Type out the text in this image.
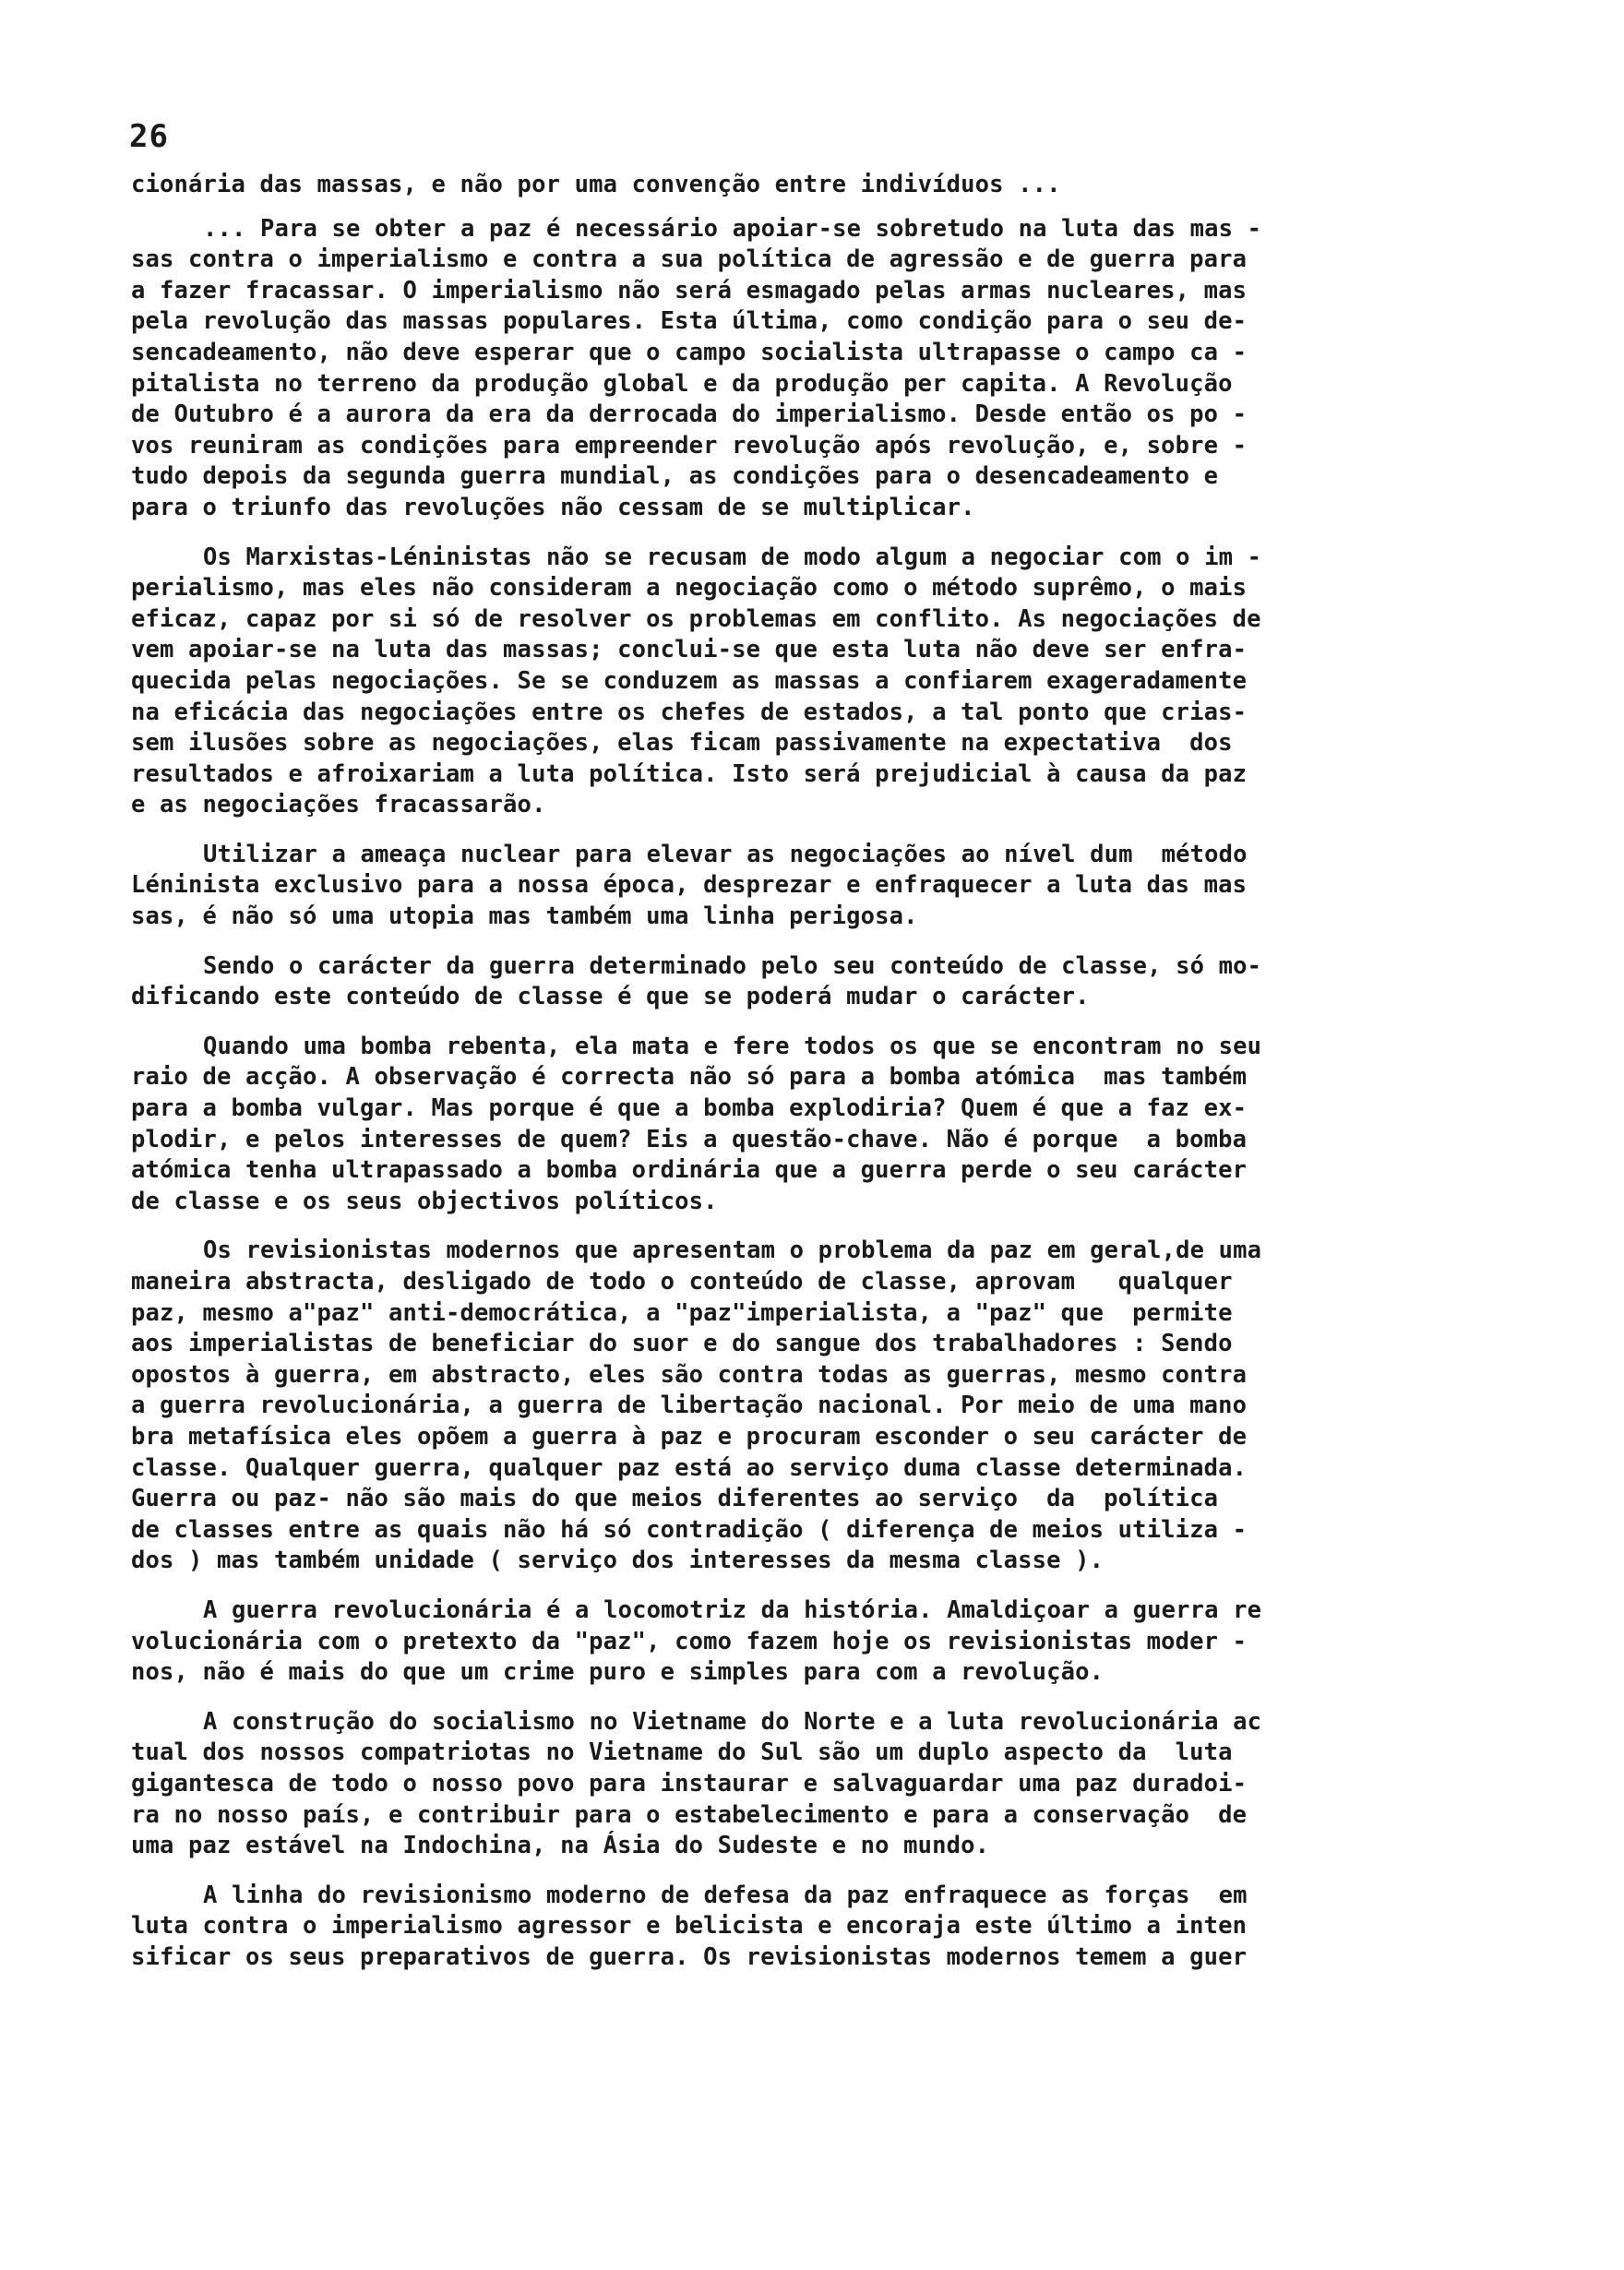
26
cionária das massas, e não por uma convenção entre indivíduos ...
... Para se obter a paz é necessário apoiar-se sobretudo na luta das mas -
sas contra o imperialismo e contra a sua política de agressão e de guerra para
a fazer fracassar. O imperialismo não será esmagado pelas armas nucleares, mas
pela revolução das massas populares. Esta última, como condição para o seu de-
sencadeamento, não deve esperar que o campo socialista ultrapasse o campo ca -
pitalista no terreno da produção global e da produção per capita. A Revolução
de Outubro é a aurora da era da derrocada do imperialismo. Desde então os po -
vos reuniram as condições para empreender revolução após revolução, e, sobre -
tudo depois da segunda guerra mundial, as condições para o desencadeamento e
para o triunfo das revoluções não cessam de se multiplicar.
Os Marxistas-Léninistas não se recusam de modo algum a negociar com o im -
perialismo, mas eles não consideram a negociação como o método suprêmo, o mais
eficaz, capaz por si só de resolver os problemas em conflito. As negociações de
vem apoiar-se na luta das massas; conclui-se que esta luta não deve ser enfra-
quecida pelas negociações. Se se conduzem as massas a confiarem exageradamente
na eficácia das negociações entre os chefes de estados, a tal ponto que crias-
sem ilusões sobre as negociações, elas ficam passivamente na expectativa  dos
resultados e afroixariam a luta política. Isto será prejudicial à causa da paz
e as negociações fracassarão.
Utilizar a ameaça nuclear para elevar as negociações ao nível dum  método
Léninista exclusivo para a nossa época, desprezar e enfraquecer a luta das mas
sas, é não só uma utopia mas também uma linha perigosa.
Sendo o carácter da guerra determinado pelo seu conteúdo de classe, só mo-
dificando este conteúdo de classe é que se poderá mudar o carácter.
Quando uma bomba rebenta, ela mata e fere todos os que se encontram no seu
raio de acção. A observação é correcta não só para a bomba atómica  mas também
para a bomba vulgar. Mas porque é que a bomba explodiria? Quem é que a faz ex-
plodir, e pelos interesses de quem? Eis a questão-chave. Não é porque  a bomba
atómica tenha ultrapassado a bomba ordinária que a guerra perde o seu carácter
de classe e os seus objectivos políticos.
Os revisionistas modernos que apresentam o problema da paz em geral,de uma
maneira abstracta, desligado de todo o conteúdo de classe, aprovam   qualquer
paz, mesmo a"paz" anti-democrática, a "paz"imperialista, a "paz" que  permite
aos imperialistas de beneficiar do suor e do sangue dos trabalhadores : Sendo
opostos à guerra, em abstracto, eles são contra todas as guerras, mesmo contra
a guerra revolucionária, a guerra de libertação nacional. Por meio de uma mano
bra metafísica eles opõem a guerra à paz e procuram esconder o seu carácter de
classe. Qualquer guerra, qualquer paz está ao serviço duma classe determinada.
Guerra ou paz- não são mais do que meios diferentes ao serviço  da  política
de classes entre as quais não há só contradição ( diferença de meios utiliza -
dos ) mas também unidade ( serviço dos interesses da mesma classe ).
A guerra revolucionária é a locomotriz da história. Amaldiçoar a guerra re
volucionária com o pretexto da "paz", como fazem hoje os revisionistas moder -
nos, não é mais do que um crime puro e simples para com a revolução.
A construção do socialismo no Vietname do Norte e a luta revolucionária ac
tual dos nossos compatriotas no Vietname do Sul são um duplo aspecto da  luta
gigantesca de todo o nosso povo para instaurar e salvaguardar uma paz duradoi-
ra no nosso país, e contribuir para o estabelecimento e para a conservação  de
uma paz estável na Indochina, na Ásia do Sudeste e no mundo.
A linha do revisionismo moderno de defesa da paz enfraquece as forças  em
luta contra o imperialismo agressor e belicista e encoraja este último a inten
sificar os seus preparativos de guerra. Os revisionistas modernos temem a guer
